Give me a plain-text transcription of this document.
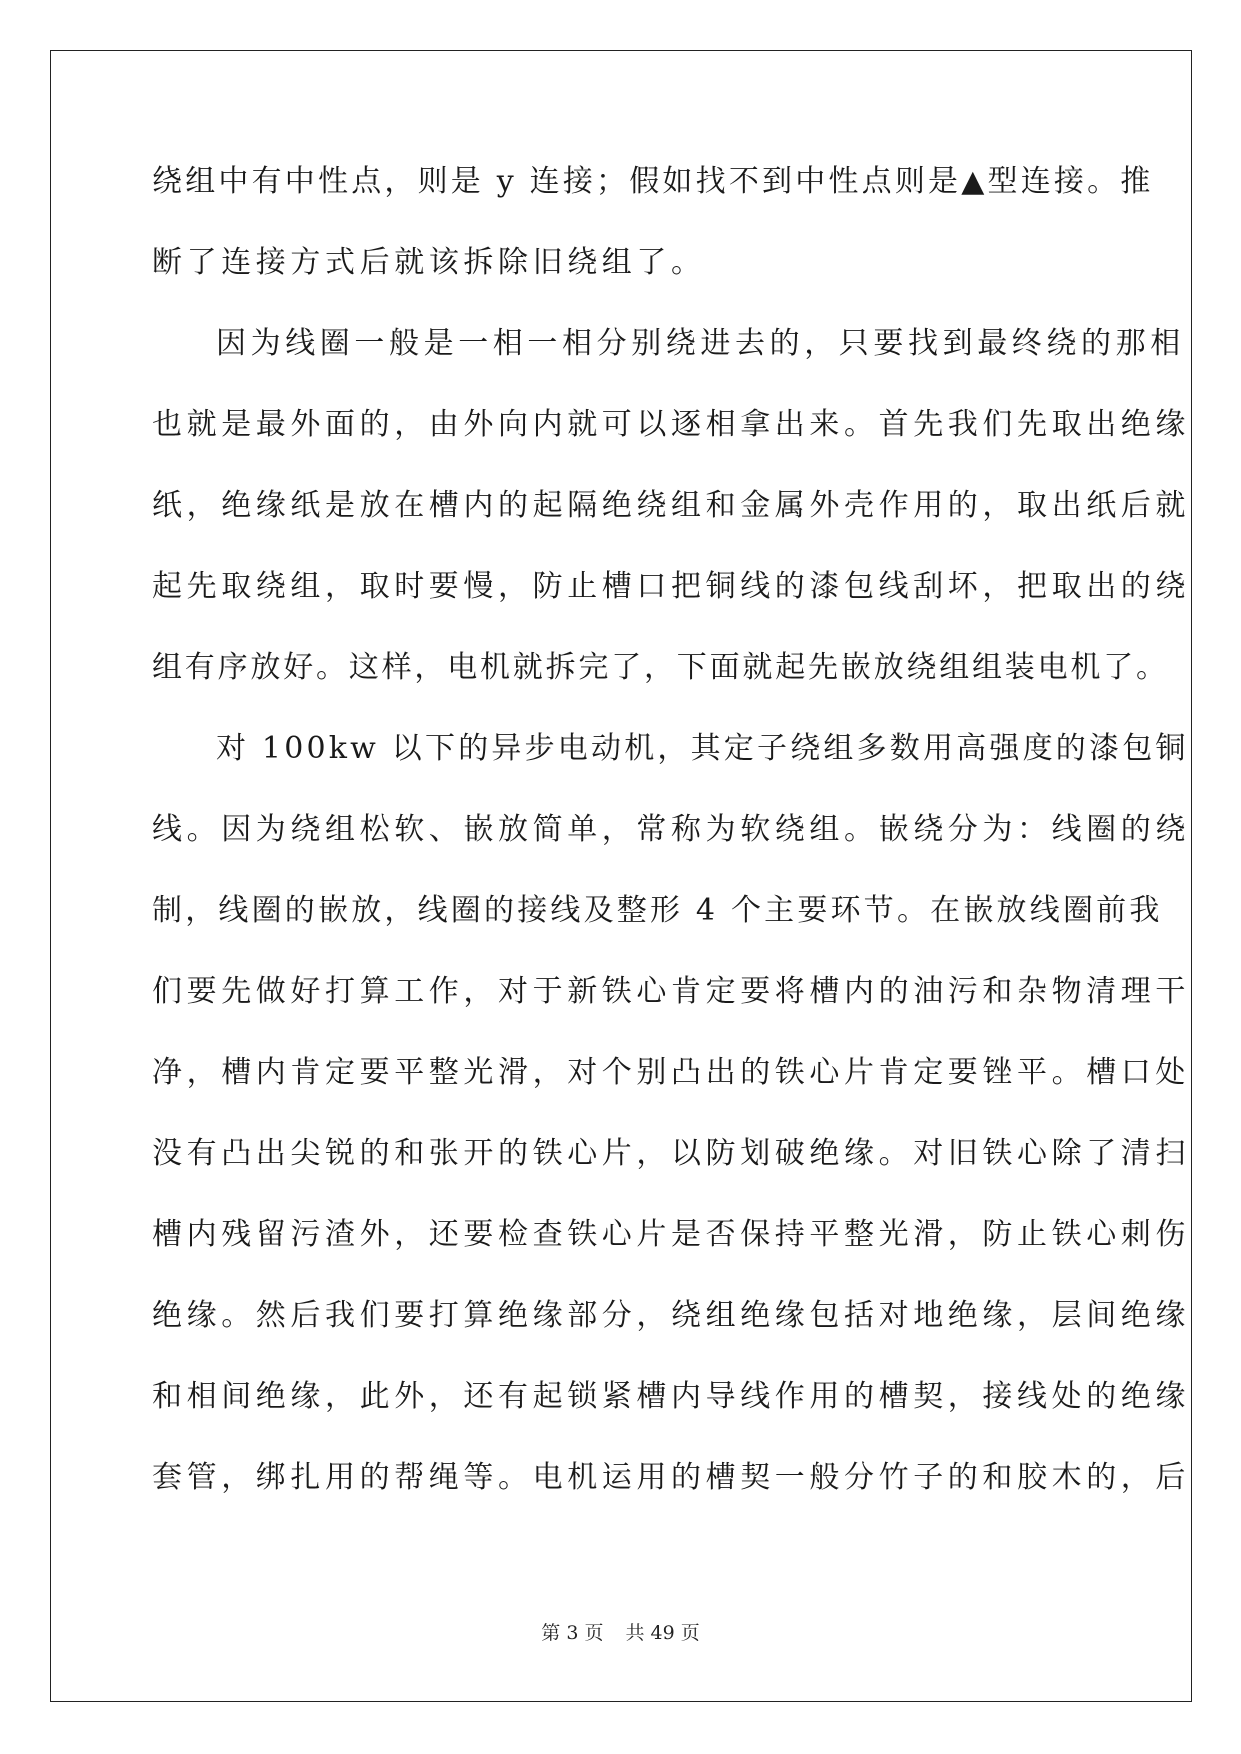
绕组中有中性点，则是 y 连接；假如找不到中性点则是▲型连接。推
断了连接方式后就该拆除旧绕组了。
因为线圈一般是一相一相分别绕进去的，只要找到最终绕的那相
也就是最外面的，由外向内就可以逐相拿出来。首先我们先取出绝缘
纸，绝缘纸是放在槽内的起隔绝绕组和金属外壳作用的，取出纸后就
起先取绕组，取时要慢，防止槽口把铜线的漆包线刮坏，把取出的绕
组有序放好。这样，电机就拆完了，下面就起先嵌放绕组组装电机了。
对 100kw 以下的异步电动机，其定子绕组多数用高强度的漆包铜
线。因为绕组松软、嵌放简单，常称为软绕组。嵌绕分为：线圈的绕
制，线圈的嵌放，线圈的接线及整形 4 个主要环节。在嵌放线圈前我
们要先做好打算工作，对于新铁心肯定要将槽内的油污和杂物清理干
净，槽内肯定要平整光滑，对个别凸出的铁心片肯定要锉平。槽口处
没有凸出尖锐的和张开的铁心片，以防划破绝缘。对旧铁心除了清扫
槽内残留污渣外，还要检查铁心片是否保持平整光滑，防止铁心刺伤
绝缘。然后我们要打算绝缘部分，绕组绝缘包括对地绝缘，层间绝缘
和相间绝缘，此外，还有起锁紧槽内导线作用的槽契，接线处的绝缘
套管，绑扎用的帮绳等。电机运用的槽契一般分竹子的和胶木的，后
第 3 页 共 49 页
